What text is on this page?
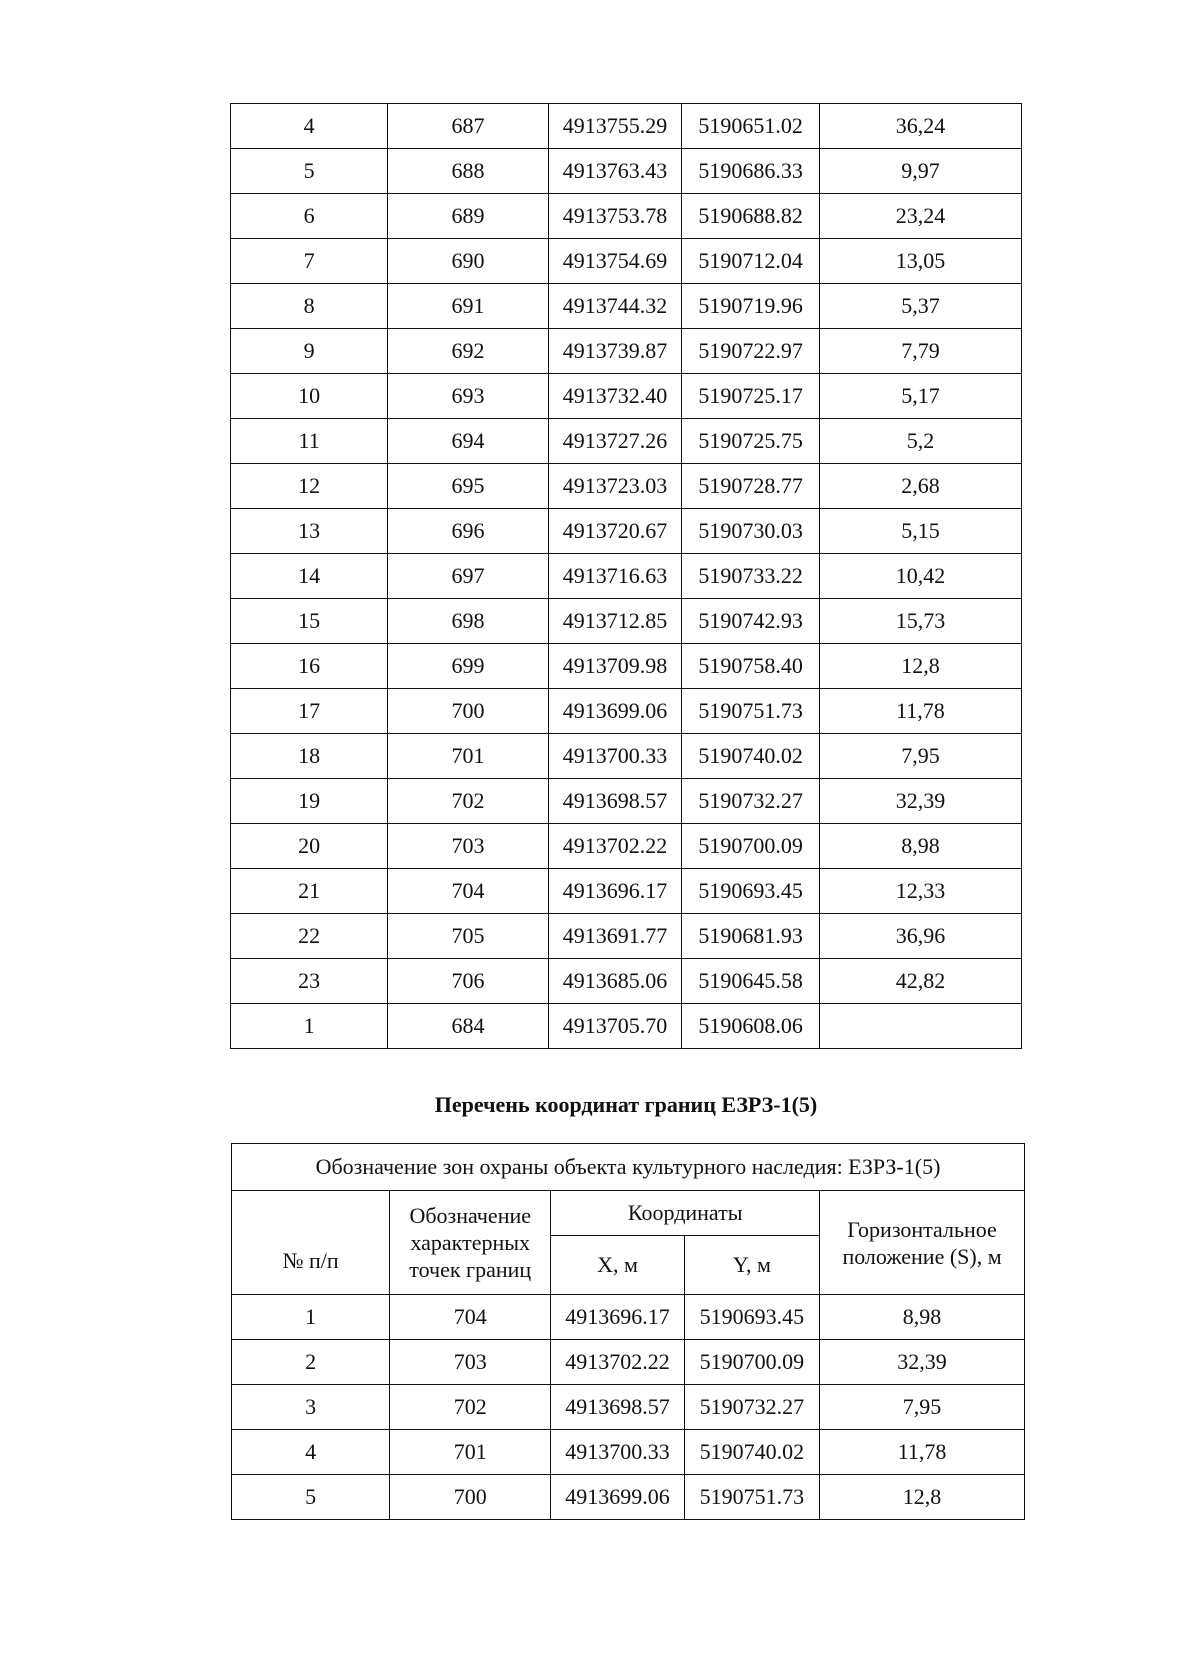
4	687	4913755.29	5190651.02	36,24
5	688	4913763.43	5190686.33	9,97
6	689	4913753.78	5190688.82	23,24
7	690	4913754.69	5190712.04	13,05
8	691	4913744.32	5190719.96	5,37
9	692	4913739.87	5190722.97	7,79
10	693	4913732.40	5190725.17	5,17
11	694	4913727.26	5190725.75	5,2
12	695	4913723.03	5190728.77	2,68
13	696	4913720.67	5190730.03	5,15
14	697	4913716.63	5190733.22	10,42
15	698	4913712.85	5190742.93	15,73
16	699	4913709.98	5190758.40	12,8
17	700	4913699.06	5190751.73	11,78
18	701	4913700.33	5190740.02	7,95
19	702	4913698.57	5190732.27	32,39
20	703	4913702.22	5190700.09	8,98
21	704	4913696.17	5190693.45	12,33
22	705	4913691.77	5190681.93	36,96
23	706	4913685.06	5190645.58	42,82
1	684	4913705.70	5190608.06	
Перечень координат границ ЕЗРЗ-1(5)
Обозначение зон охраны объекта культурного наследия: ЕЗРЗ-1(5)				
№ п/п	Обозначение характерных точек границ	Координаты		Горизонтальное положение (S), м
		X, м	Y, м	
1	704	4913696.17	5190693.45	8,98
2	703	4913702.22	5190700.09	32,39
3	702	4913698.57	5190732.27	7,95
4	701	4913700.33	5190740.02	11,78
5	700	4913699.06	5190751.73	12,8
